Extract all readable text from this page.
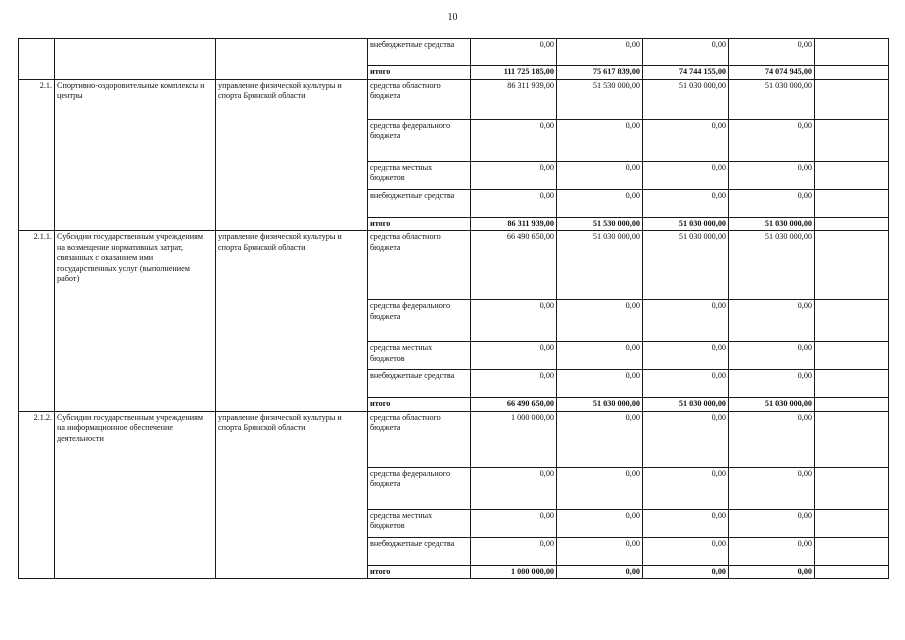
10
			внебюджетные средства	0,00	0,00	0,00	0,00	
			итого	111 725 185,00	75 617 839,00	74 744 155,00	74 074 945,00	
2.1.	Спортивно-оздоровительные комплексы и центры	управление физической культуры и спорта Брянской области	средства областного бюджета	86 311 939,00	51 530 000,00	51 030 000,00	51 030 000,00	
			средства федерального бюджета	0,00	0,00	0,00	0,00	
			средства местных бюджетов	0,00	0,00	0,00	0,00	
			внебюджетные средства	0,00	0,00	0,00	0,00	
			итого	86 311 939,00	51 530 000,00	51 030 000,00	51 030 000,00	
2.1.1.	Субсидии государственным учреждениям на возмещение нормативных затрат, связанных с оказанием ими государственных услуг (выполнением работ)	управление физической культуры и спорта Брянской области	средства областного бюджета	66 490 650,00	51 030 000,00	51 030 000,00	51 030 000,00	
			средства федерального бюджета	0,00	0,00	0,00	0,00	
			средства местных бюджетов	0,00	0,00	0,00	0,00	
			внебюджетные средства	0,00	0,00	0,00	0,00	
			итого	66 490 650,00	51 030 000,00	51 030 000,00	51 030 000,00	
2.1.2.	Субсидии государственным учреждениям на информационное обеспечение деятельности	управление физической культуры и спорта Брянской области	средства областного бюджета	1 000 000,00	0,00	0,00	0,00	
			средства федерального бюджета	0,00	0,00	0,00	0,00	
			средства местных бюджетов	0,00	0,00	0,00	0,00	
			внебюджетные средства	0,00	0,00	0,00	0,00	
			итого	1 000 000,00	0,00	0,00	0,00	
